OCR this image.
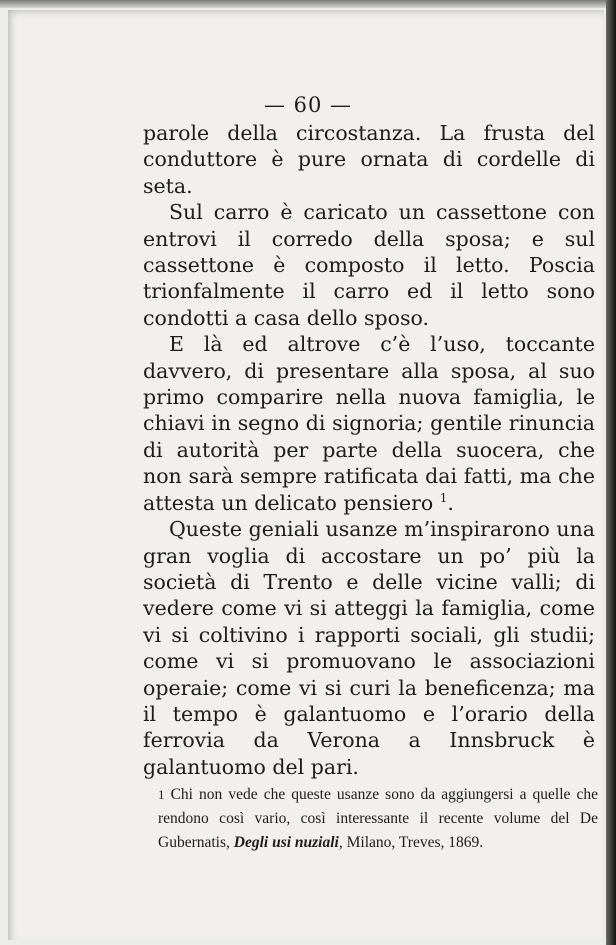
— 60 —

parole della circostanza. La frusta del conduttore è pure ornata di cordelle di seta.

Sul carro è caricato un cassettone con entrovi il corredo della sposa; e sul cassettone è composto il letto. Poscia trionfalmente il carro ed il letto sono condotti a casa dello sposo.

E là ed altrove c’è l’uso, toccante davvero, di presentare alla sposa, al suo primo comparire nella nuova famiglia, le chiavi in segno di signoria; gentile rinuncia di autorità per parte della suocera, che non sarà sempre ratificata dai fatti, ma che attesta un delicato pensiero $^1$.

Queste geniali usanze m’inspirarono una gran voglia di accostare un po’ più la società di Trento e delle vicine valli; di vedere come vi si atteggi la famiglia, come vi si coltivino i rapporti sociali, gli studii; come vi si promuovano le associazioni operaie; come vi si curi la beneficenza; ma il tempo è galantuomo e l’orario della ferrovia da Verona a Innsbruck è galantuomo del pari.

1 Chi non vede che queste usanze sono da aggiungersi a quelle che rendono così vario, così interessante il recente volume del De Gubernatis, Degli usi nuziali, Milano, Treves, 1869.
